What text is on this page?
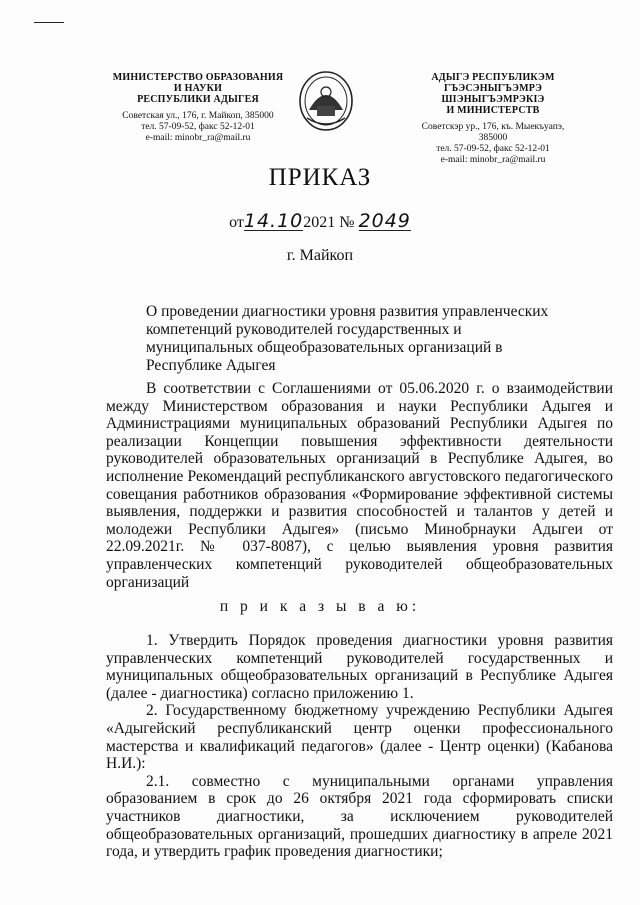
МИНИСТЕРСТВО ОБРАЗОВАНИЯ
И НАУКИ
РЕСПУБЛИКИ АДЫГЕЯ
Советская ул., 176, г. Майкоп, 385000
тел. 57-09-52, факс 52-12-01
e-mail: minobr_ra@mail.ru
АДЫГЭ РЕСПУБЛИКЭМ
ГЪЭСЭНЫГЪЭМРЭ ШIЭНЫГЪЭМРЭКIЭ
И МИНИСТЕРСТВ
Советскэр ур., 176, къ. Мыекъуапэ, 385000
тел. 57-09-52, факс 52-12-01
e-mail: minobr_ra@mail.ru
ПРИКАЗ
от14.102021 № 2049
г. Майкоп
О проведении диагностики уровня развития управленческих компетенций руководителей государственных и муниципальных общеобразовательных организаций в Республике Адыгея
В соответствии с Соглашениями от 05.06.2020 г. о взаимодействии между Министерством образования и науки Республики Адыгея и Администрациями муниципальных образований Республики Адыгея по реализации Концепции повышения эффективности деятельности руководителей образовательных организаций в Республике Адыгея, во исполнение Рекомендаций республиканского августовского педагогического совещания работников образования «Формирование эффективной системы выявления, поддержки и развития способностей и талантов у детей и молодежи Республики Адыгея» (письмо Минобрнауки Адыгеи от 22.09.2021г. № 037-8087), с целью выявления уровня развития управленческих компетенций руководителей общеобразовательных организаций
п р и к а з ы в а ю:

1. Утвердить Порядок проведения диагностики уровня развития управленческих компетенций руководителей государственных и муниципальных общеобразовательных организаций в Республике Адыгея (далее - диагностика) согласно приложению 1.

2. Государственному бюджетному учреждению Республики Адыгея «Адыгейский республиканский центр оценки профессионального мастерства и квалификаций педагогов» (далее - Центр оценки) (Кабанова Н.И.):

2.1. совместно с муниципальными органами управления образованием в срок до 26 октября 2021 года сформировать списки участников диагностики, за исключением руководителей общеобразовательных организаций, прошедших диагностику в апреле 2021 года, и утвердить график проведения диагностики;
